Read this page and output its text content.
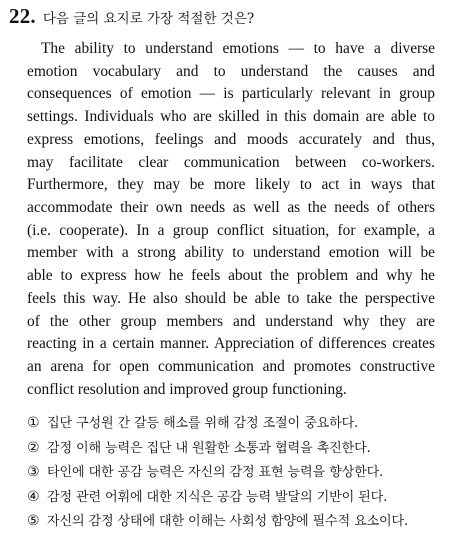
22. 다음 글의 요지로 가장 적절한 것은?
The ability to understand emotions — to have a diverse
emotion vocabulary and to understand the causes and
consequences of emotion — is particularly relevant in group
settings. Individuals who are skilled in this domain are able to
express emotions, feelings and moods accurately and thus,
may facilitate clear communication between co-workers.
Furthermore, they may be more likely to act in ways that
accommodate their own needs as well as the needs of others
(i.e. cooperate). In a group conflict situation, for example, a
member with a strong ability to understand emotion will be
able to express how he feels about the problem and why he
feels this way. He also should be able to take the perspective
of the other group members and understand why they are
reacting in a certain manner. Appreciation of differences creates
an arena for open communication and promotes constructive
conflict resolution and improved group functioning.
① 집단 구성원 간 갈등 해소를 위해 감정 조절이 중요하다.
② 감정 이해 능력은 집단 내 원활한 소통과 협력을 촉진한다.
③ 타인에 대한 공감 능력은 자신의 감정 표현 능력을 향상한다.
④ 감정 관련 어휘에 대한 지식은 공감 능력 발달의 기반이 된다.
⑤ 자신의 감정 상태에 대한 이해는 사회성 함양에 필수적 요소이다.
